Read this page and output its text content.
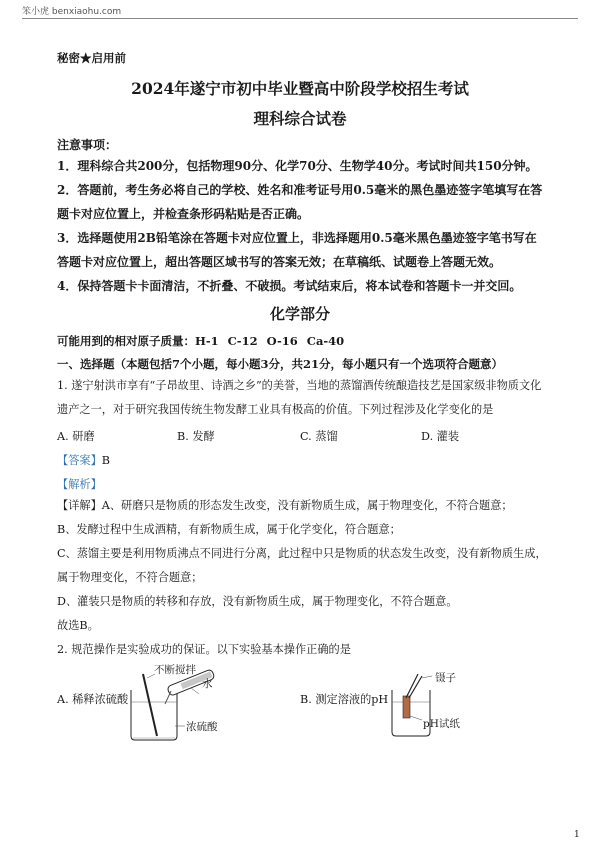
笨小虎 benxiaohu.com
秘密★启用前
2024年遂宁市初中毕业暨高中阶段学校招生考试
理科综合试卷
注意事项：
1．理科综合共200分，包括物理90分、化学70分、生物学40分。考试时间共150分钟。
2．答题前，考生务必将自己的学校、姓名和准考证号用0.5毫米的黑色墨迹签字笔填写在答题卡对应位置上，并检查条形码粘贴是否正确。
3．选择题使用2B铅笔涂在答题卡对应位置上，非选择题用0.5毫米黑色墨迹签字笔书写在答题卡对应位置上，超出答题区域书写的答案无效；在草稿纸、试题卷上答题无效。
4．保持答题卡卡面清洁，不折叠、不破损。考试结束后，将本试卷和答题卡一并交回。
化学部分
可能用到的相对原子质量：H-1 C-12 O-16 Ca-40
一、选择题（本题包括7个小题，每小题3分，共21分，每小题只有一个选项符合题意）
1. 遂宁射洪市享有“子昂故里、诗酒之乡”的美誉，当地的蒸馏酒传统酿造技艺是国家级非物质文化遗产之一，对于研究我国传统生物发酵工业具有极高的价值。下列过程涉及化学变化的是
A. 研磨	B. 发酵	C. 蒸馏	D. 灌装
【答案】B
【解析】
【详解】A、研磨只是物质的形态发生改变，没有新物质生成，属于物理变化，不符合题意；
B、发酵过程中生成酒精，有新物质生成，属于化学变化，符合题意；
C、蒸馏主要是利用物质沸点不同进行分离，此过程中只是物质的状态发生改变，没有新物质生成，属于物理变化，不符合题意；
D、灌装只是物质的转移和存放，没有新物质生成，属于物理变化，不符合题意。
故选B。
2. 规范操作是实验成功的保证。以下实验基本操作正确的是
A. 稀释浓硫酸
不断搅拌
水
浓硫酸
B. 测定溶液的pH
镊子
pH试纸
1
